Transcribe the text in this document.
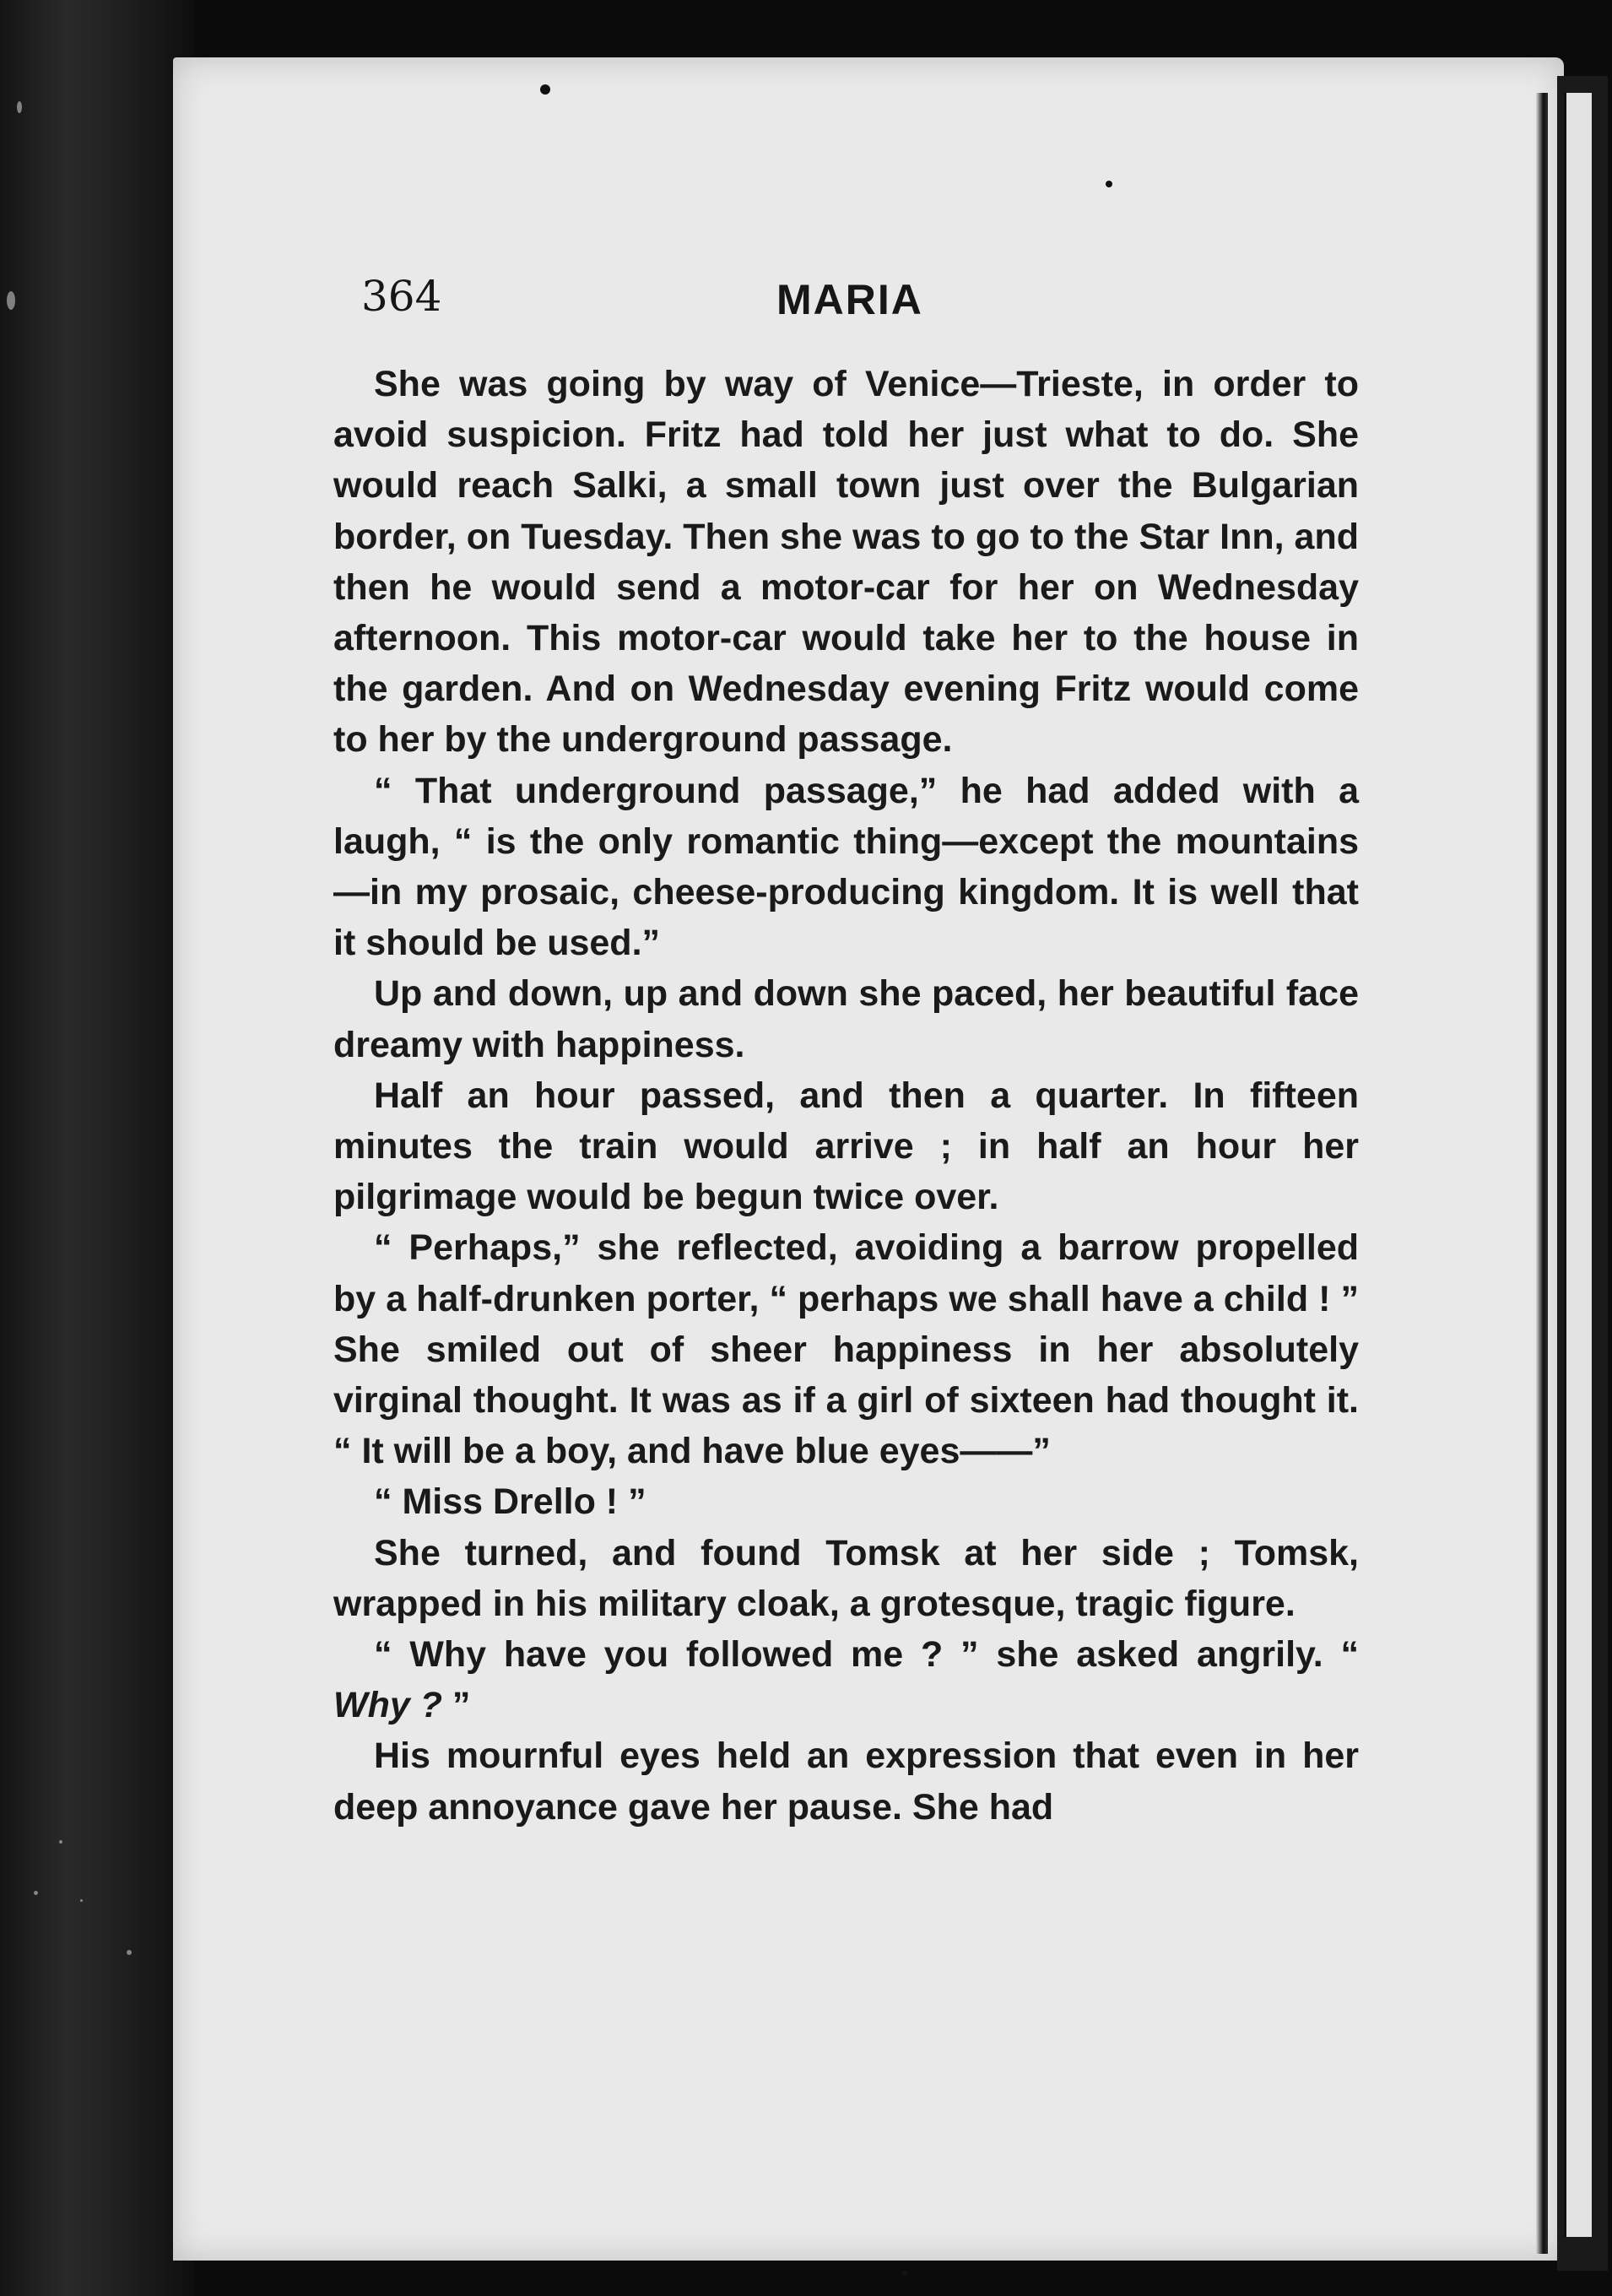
364	MARIA

She was going by way of Venice—Trieste, in order to avoid suspicion. Fritz had told her just what to do. She would reach Salki, a small town just over the Bulgarian border, on Tuesday. Then she was to go to the Star Inn, and then he would send a motor-car for her on Wednesday afternoon. This motor-car would take her to the house in the garden. And on Wednesday evening Fritz would come to her by the underground passage.

“ That underground passage,” he had added with a laugh, “ is the only romantic thing—except the mountains—in my prosaic, cheese-producing kingdom. It is well that it should be used.”

Up and down, up and down she paced, her beautiful face dreamy with happiness.

Half an hour passed, and then a quarter. In fifteen minutes the train would arrive ; in half an hour her pilgrimage would be begun twice over.

“ Perhaps,” she reflected, avoiding a barrow propelled by a half-drunken porter, “ perhaps we shall have a child ! ” She smiled out of sheer happiness in her absolutely virginal thought. It was as if a girl of sixteen had thought it. “ It will be a boy, and have blue eyes——”

“ Miss Drello ! ”

She turned, and found Tomsk at her side ; Tomsk, wrapped in his military cloak, a grotesque, tragic figure.

“ Why have you followed me ? ” she asked angrily. “ Why ? ”

His mournful eyes held an expression that even in her deep annoyance gave her pause. She had
